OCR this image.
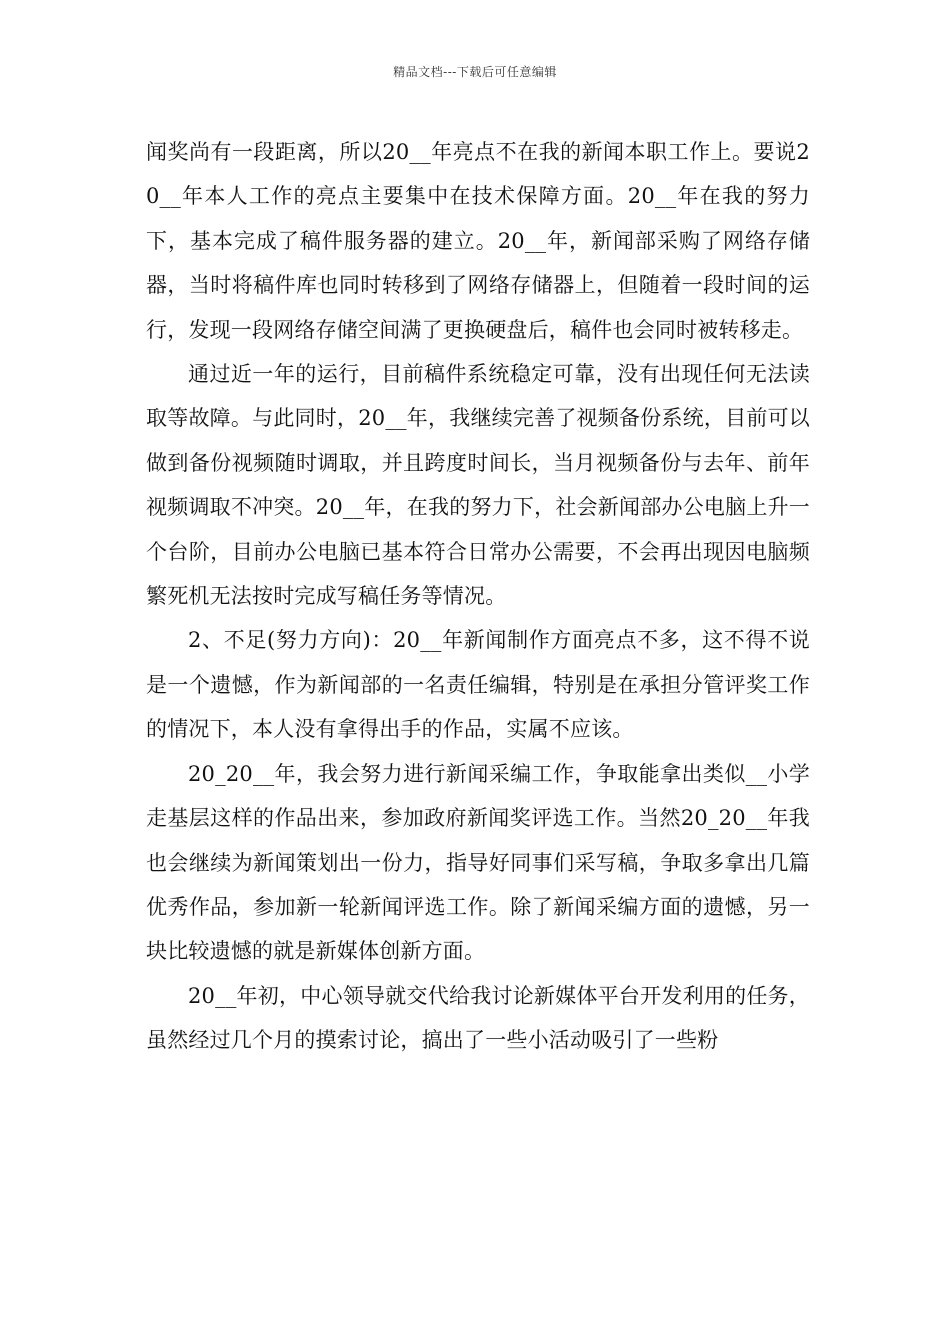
精品文档---下载后可任意编辑

闻奖尚有一段距离，所以20__年亮点不在我的新闻本职工作上。要说20__年本人工作的亮点主要集中在技术保障方面。20__年在我的努力下，基本完成了稿件服务器的建立。20__年，新闻部采购了网络存储器，当时将稿件库也同时转移到了网络存储器上，但随着一段时间的运行，发现一段网络存储空间满了更换硬盘后，稿件也会同时被转移走。

通过近一年的运行，目前稿件系统稳定可靠，没有出现任何无法读取等故障。与此同时，20__年，我继续完善了视频备份系统，目前可以做到备份视频随时调取，并且跨度时间长，当月视频备份与去年、前年视频调取不冲突。20__年，在我的努力下，社会新闻部办公电脑上升一个台阶，目前办公电脑已基本符合日常办公需要，不会再出现因电脑频繁死机无法按时完成写稿任务等情况。

2、不足(努力方向)：20__年新闻制作方面亮点不多，这不得不说是一个遗憾，作为新闻部的一名责任编辑，特别是在承担分管评奖工作的情况下，本人没有拿得出手的作品，实属不应该。

20_20__年，我会努力进行新闻采编工作，争取能拿出类似__小学走基层这样的作品出来，参加政府新闻奖评选工作。当然20_20__年我也会继续为新闻策划出一份力，指导好同事们采写稿，争取多拿出几篇优秀作品，参加新一轮新闻评选工作。除了新闻采编方面的遗憾，另一块比较遗憾的就是新媒体创新方面。

20__年初，中心领导就交代给我讨论新媒体平台开发利用的任务，虽然经过几个月的摸索讨论，搞出了一些小活动吸引了一些粉
